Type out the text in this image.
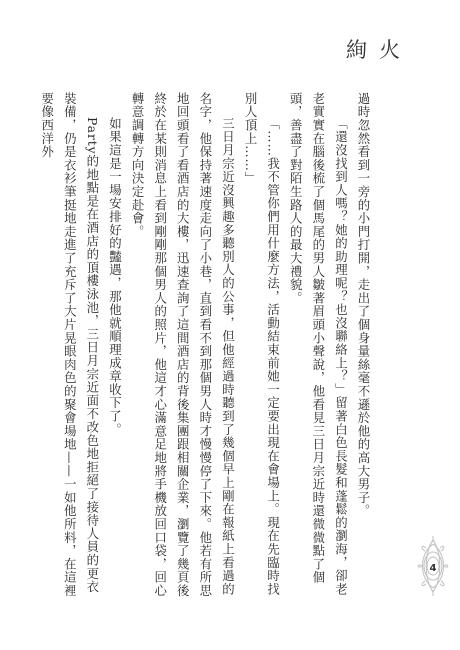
絢火

過時忽然看到一旁的小門打開，走出了個身量絲毫不遜於他的高大男子。

「還沒找到人嗎？她的助理呢？也沒聯絡上？」留著白色長髮和蓬鬆的瀏海，卻老老實實在腦後梳了個馬尾的男人皺著眉頭小聲說，他看見三日月宗近時還微微點了個頭，善盡了對陌生路人的最大禮貌。

「……我不管你們用什麼方法，活動結束前她一定要出現在會場上。現在先臨時找別人頂上……」

三日月宗近沒興趣多聽別人的公事，但他經過時聽到了幾個早上剛在報紙上看過的名字，他保持著速度走向了小巷，直到看不到那個男人時才慢慢停了下來。他若有所思地回頭看了看酒店的大樓，迅速查詢了這間酒店的背後集團跟相關企業，瀏覽了幾頁後終於在某則消息上看到剛剛那個男人的照片，他這才心滿意足地將手機放回口袋，回心轉意調轉方向決定赴會。

如果這是一場安排好的豔遇，那他就順理成章收下了。

Party的地點是在酒店的頂樓泳池，三日月宗近面不改色地拒絕了接待人員的更衣裝備，仍是衣衫筆挺地走進了充斥了大片晃眼肉色的聚會場地——一如他所料，在這裡要像西洋外

4
